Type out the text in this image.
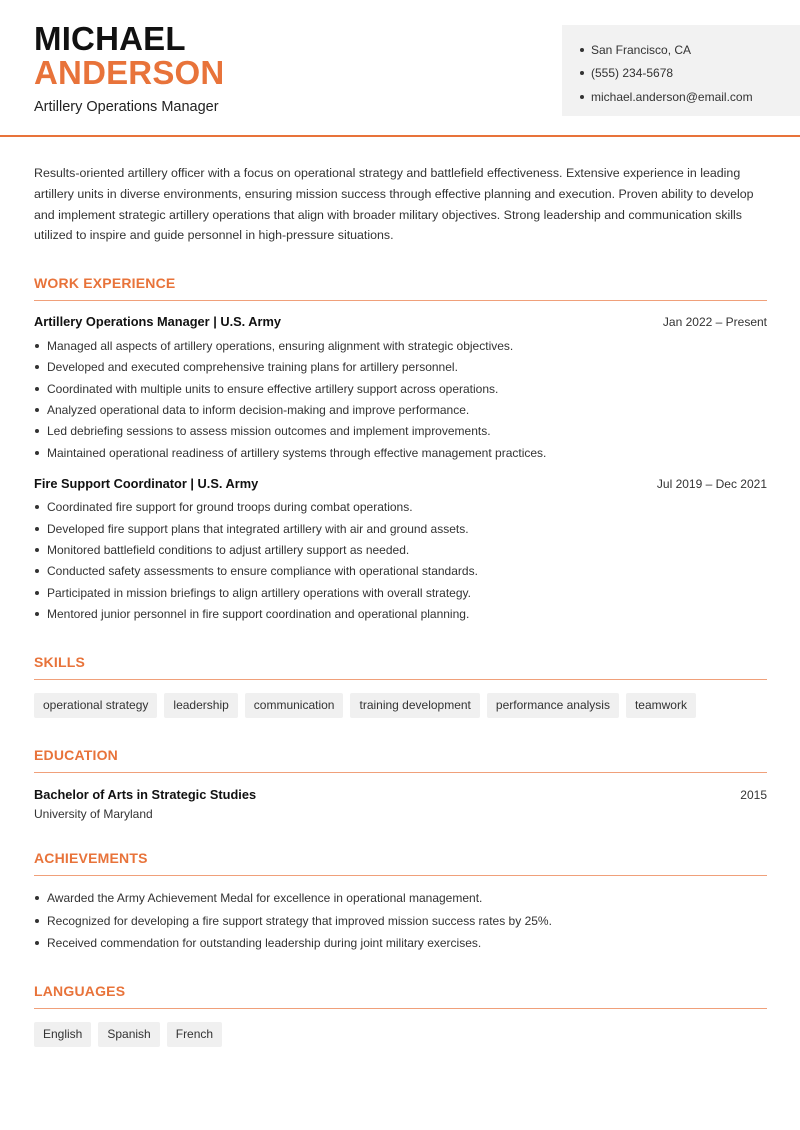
MICHAEL
ANDERSON
Artillery Operations Manager
San Francisco, CA
(555) 234-5678
michael.anderson@email.com

Results-oriented artillery officer with a focus on operational strategy and battlefield effectiveness. Extensive experience in leading artillery units in diverse environments, ensuring mission success through effective planning and execution. Proven ability to develop and implement strategic artillery operations that align with broader military objectives. Strong leadership and communication skills utilized to inspire and guide personnel in high-pressure situations.

WORK EXPERIENCE
Artillery Operations Manager | U.S. Army	Jan 2022 – Present
Managed all aspects of artillery operations, ensuring alignment with strategic objectives.
Developed and executed comprehensive training plans for artillery personnel.
Coordinated with multiple units to ensure effective artillery support across operations.
Analyzed operational data to inform decision-making and improve performance.
Led debriefing sessions to assess mission outcomes and implement improvements.
Maintained operational readiness of artillery systems through effective management practices.
Fire Support Coordinator | U.S. Army	Jul 2019 – Dec 2021
Coordinated fire support for ground troops during combat operations.
Developed fire support plans that integrated artillery with air and ground assets.
Monitored battlefield conditions to adjust artillery support as needed.
Conducted safety assessments to ensure compliance with operational standards.
Participated in mission briefings to align artillery operations with overall strategy.
Mentored junior personnel in fire support coordination and operational planning.
SKILLS
operational strategy	leadership	communication	training development	performance analysis	teamwork
EDUCATION
Bachelor of Arts in Strategic Studies	2015
University of Maryland
ACHIEVEMENTS
Awarded the Army Achievement Medal for excellence in operational management.
Recognized for developing a fire support strategy that improved mission success rates by 25%.
Received commendation for outstanding leadership during joint military exercises.
LANGUAGES
English	Spanish	French
